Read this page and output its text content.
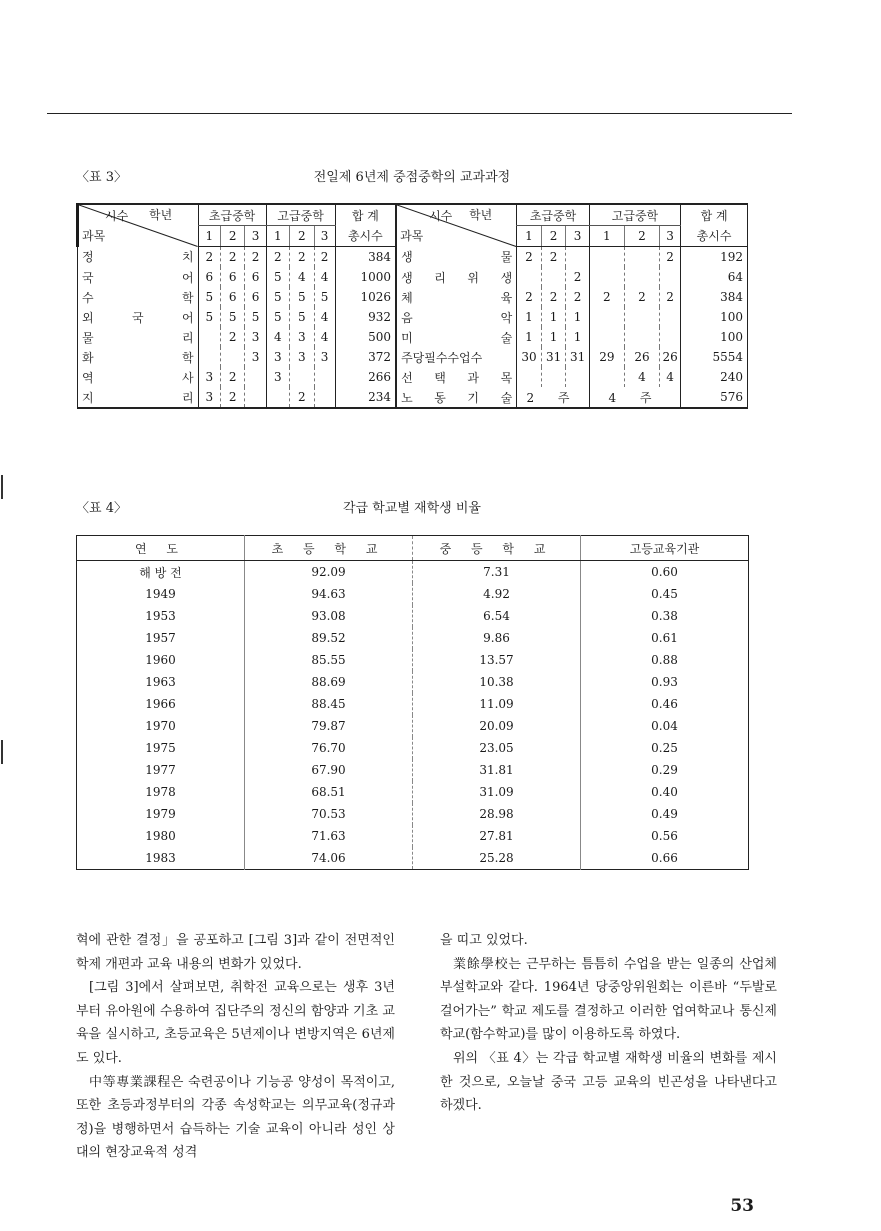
〈표 3〉	전일제 6년제 중점중학의 교과과정
시수 학년
과목	초급중학			고급중학			합 계	시수 학년
과목	초급중학			고급중학			합 계
	1	2	3	1	2	3	총시수		1	2	3	1	2	3	총시수
정 치	2	2	2	2	2	2	384	생 물	2	2				2	192
국 어	6	6	6	5	4	4	1000	생 리 위 생			2				64
수 학	5	6	6	5	5	5	1026	체 육	2	2	2	2	2	2	384
외 국 어	5	5	5	5	5	4	932	음 악	1	1	1				100
물 리		2	3	4	3	4	500	미 술	1	1	1				100
화 학			3	3	3	3	372	주당필수수업수	30	31	31	29	26	26	5554
역 사	3	2		3			266	선 택 과 목					4	4	240
지 리	3	2			2		234	노 동 기 술	2 주			4 주			576
〈표 4〉	각급 학교별 재학생 비율
연 도	초 등 학 교	중 등 학 교	고등교육기관
해 방 전	92.09	7.31	0.60
1949	94.63	4.92	0.45
1953	93.08	6.54	0.38
1957	89.52	9.86	0.61
1960	85.55	13.57	0.88
1963	88.69	10.38	0.93
1966	88.45	11.09	0.46
1970	79.87	20.09	0.04
1975	76.70	23.05	0.25
1977	67.90	31.81	0.29
1978	68.51	31.09	0.40
1979	70.53	28.98	0.49
1980	71.63	27.81	0.56
1983	74.06	25.28	0.66

혁에 관한 결정」을 공포하고 [그림 3]과 같이 전면적인 학제 개편과 교육 내용의 변화가 있었다.

[그림 3]에서 살펴보면, 취학전 교육으로는 생후 3년부터 유아원에 수용하여 집단주의 정신의 함양과 기초 교육을 실시하고, 초등교육은 5년제이나 변방지역은 6년제도 있다.

中等專業課程은 숙련공이나 기능공 양성이 목적이고, 또한 초등과정부터의 각종 속성학교는 의무교육(정규과정)을 병행하면서 습득하는 기술 교육이 아니라 성인 상대의 현장교육적 성격

을 띠고 있었다.

業餘學校는 근무하는 틈틈히 수업을 받는 일종의 산업체 부설학교와 같다. 1964년 당중앙위원회는 이른바 “두발로 걸어가는” 학교 제도를 결정하고 이러한 업여학교나 통신제학교(함수학교)를 많이 이용하도록 하였다.

위의 〈표 4〉는 각급 학교별 재학생 비율의 변화를 제시한 것으로, 오늘날 중국 고등 교육의 빈곤성을 나타낸다고 하겠다.

53
